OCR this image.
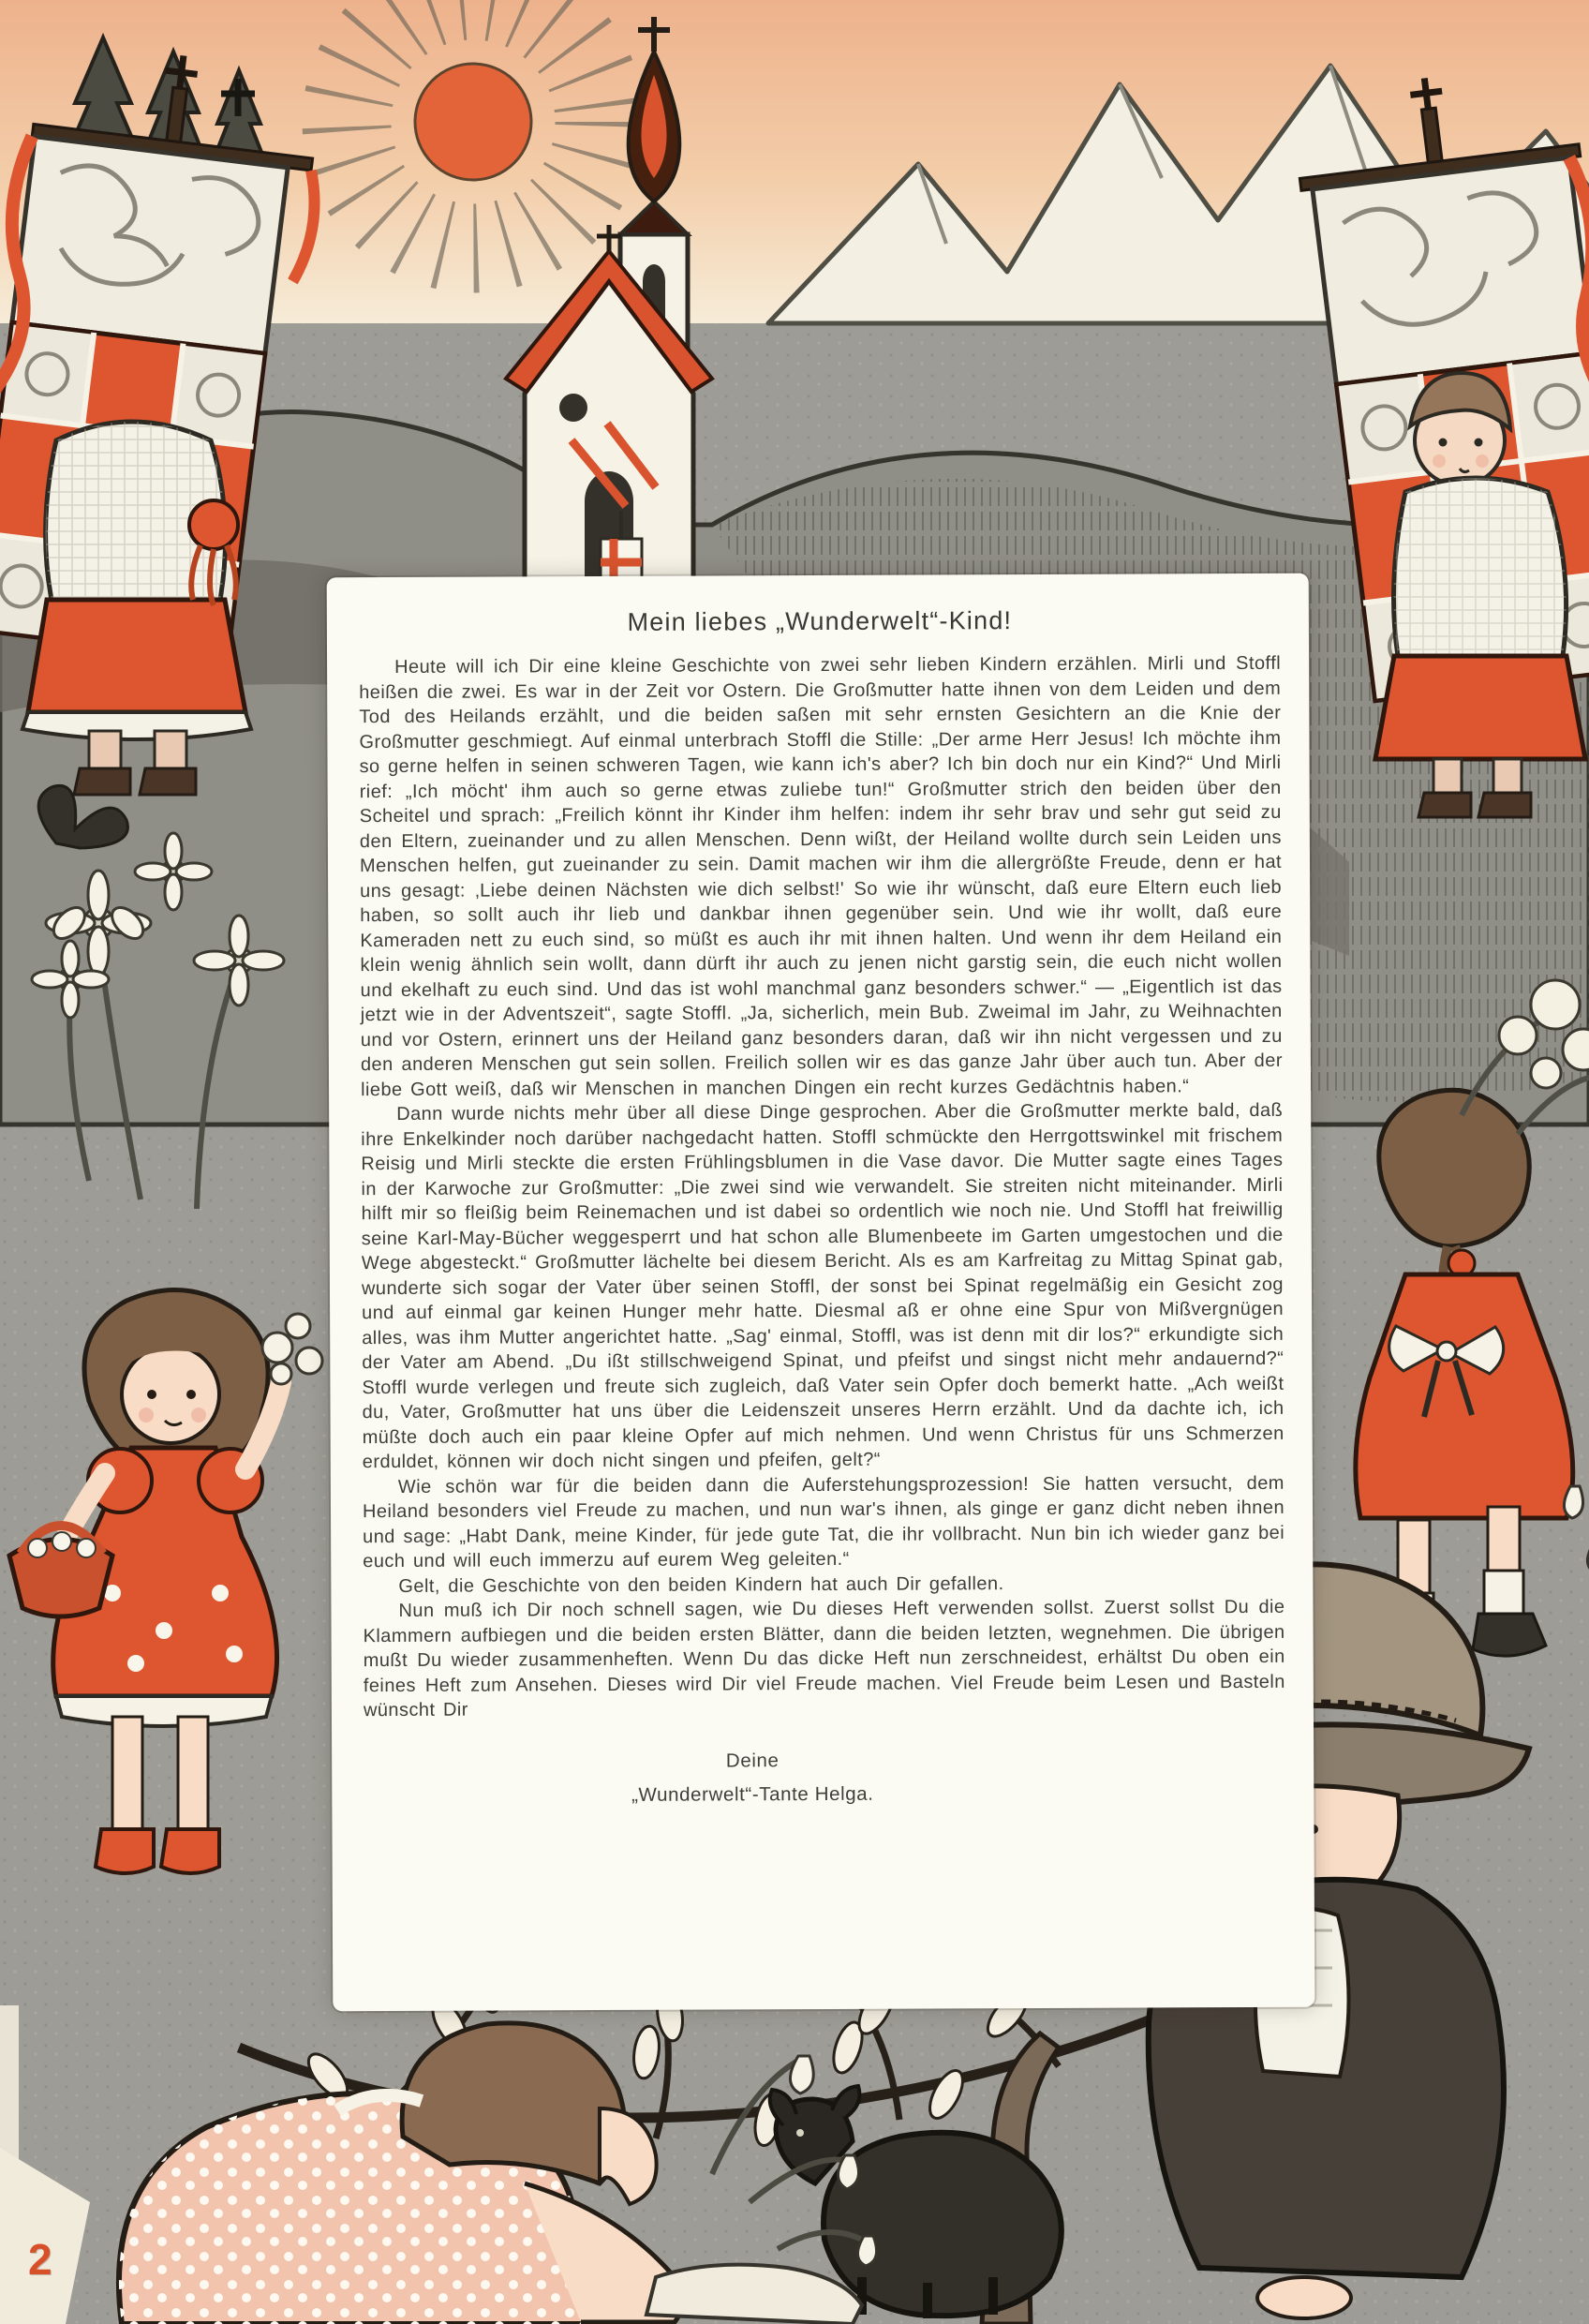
Mein liebes „Wunderwelt“-Kind!

Heute will ich Dir eine kleine Geschichte von zwei sehr lieben Kindern erzählen. Mirli und Stoffl heißen die zwei. Es war in der Zeit vor Ostern. Die Großmutter hatte ihnen von dem Leiden und dem Tod des Heilands erzählt, und die beiden saßen mit sehr ernsten Gesichtern an die Knie der Großmutter geschmiegt. Auf einmal unterbrach Stoffl die Stille: „Der arme Herr Jesus! Ich möchte ihm so gerne helfen in seinen schweren Tagen, wie kann ich's aber? Ich bin doch nur ein Kind?“ Und Mirli rief: „Ich möcht' ihm auch so gerne etwas zuliebe tun!“ Großmutter strich den beiden über den Scheitel und sprach: „Freilich könnt ihr Kinder ihm helfen: indem ihr sehr brav und sehr gut seid zu den Eltern, zueinander und zu allen Menschen. Denn wißt, der Heiland wollte durch sein Leiden uns Menschen helfen, gut zueinander zu sein. Damit machen wir ihm die allergrößte Freude, denn er hat uns gesagt: ‚Liebe deinen Nächsten wie dich selbst!' So wie ihr wünscht, daß eure Eltern euch lieb haben, so sollt auch ihr lieb und dankbar ihnen gegenüber sein. Und wie ihr wollt, daß eure Kameraden nett zu euch sind, so müßt es auch ihr mit ihnen halten. Und wenn ihr dem Heiland ein klein wenig ähnlich sein wollt, dann dürft ihr auch zu jenen nicht garstig sein, die euch nicht wollen und ekelhaft zu euch sind. Und das ist wohl manchmal ganz besonders schwer.“ — „Eigentlich ist das jetzt wie in der Adventszeit“, sagte Stoffl. „Ja, sicherlich, mein Bub. Zweimal im Jahr, zu Weihnachten und vor Ostern, erinnert uns der Heiland ganz besonders daran, daß wir ihn nicht vergessen und zu den anderen Menschen gut sein sollen. Freilich sollen wir es das ganze Jahr über auch tun. Aber der liebe Gott weiß, daß wir Menschen in manchen Dingen ein recht kurzes Gedächtnis haben.“

Dann wurde nichts mehr über all diese Dinge gesprochen. Aber die Großmutter merkte bald, daß ihre Enkelkinder noch darüber nachgedacht hatten. Stoffl schmückte den Herrgottswinkel mit frischem Reisig und Mirli steckte die ersten Frühlingsblumen in die Vase davor. Die Mutter sagte eines Tages in der Karwoche zur Großmutter: „Die zwei sind wie verwandelt. Sie streiten nicht miteinander. Mirli hilft mir so fleißig beim Reinemachen und ist dabei so ordentlich wie noch nie. Und Stoffl hat freiwillig seine Karl-May-Bücher weggesperrt und hat schon alle Blumenbeete im Garten umgestochen und die Wege abgesteckt.“ Großmutter lächelte bei diesem Bericht. Als es am Karfreitag zu Mittag Spinat gab, wunderte sich sogar der Vater über seinen Stoffl, der sonst bei Spinat regelmäßig ein Gesicht zog und auf einmal gar keinen Hunger mehr hatte. Diesmal aß er ohne eine Spur von Mißvergnügen alles, was ihm Mutter angerichtet hatte. „Sag' einmal, Stoffl, was ist denn mit dir los?“ erkundigte sich der Vater am Abend. „Du ißt stillschweigend Spinat, und pfeifst und singst nicht mehr andauernd?“ Stoffl wurde verlegen und freute sich zugleich, daß Vater sein Opfer doch bemerkt hatte. „Ach weißt du, Vater, Großmutter hat uns über die Leidenszeit unseres Herrn erzählt. Und da dachte ich, ich müßte doch auch ein paar kleine Opfer auf mich nehmen. Und wenn Christus für uns Schmerzen erduldet, können wir doch nicht singen und pfeifen, gelt?“

Wie schön war für die beiden dann die Auferstehungsprozession! Sie hatten versucht, dem Heiland besonders viel Freude zu machen, und nun war's ihnen, als ginge er ganz dicht neben ihnen und sage: „Habt Dank, meine Kinder, für jede gute Tat, die ihr vollbracht. Nun bin ich wieder ganz bei euch und will euch immerzu auf eurem Weg geleiten.“

Gelt, die Geschichte von den beiden Kindern hat auch Dir gefallen.

Nun muß ich Dir noch schnell sagen, wie Du dieses Heft verwenden sollst. Zuerst sollst Du die Klammern aufbiegen und die beiden ersten Blätter, dann die beiden letzten, wegnehmen. Die übrigen mußt Du wieder zusammenheften. Wenn Du das dicke Heft nun zerschneidest, erhältst Du oben ein feines Heft zum Ansehen. Dieses wird Dir viel Freude machen. Viel Freude beim Lesen und Basteln wünscht Dir

Deine
„Wunderwelt“-Tante Helga.
2
